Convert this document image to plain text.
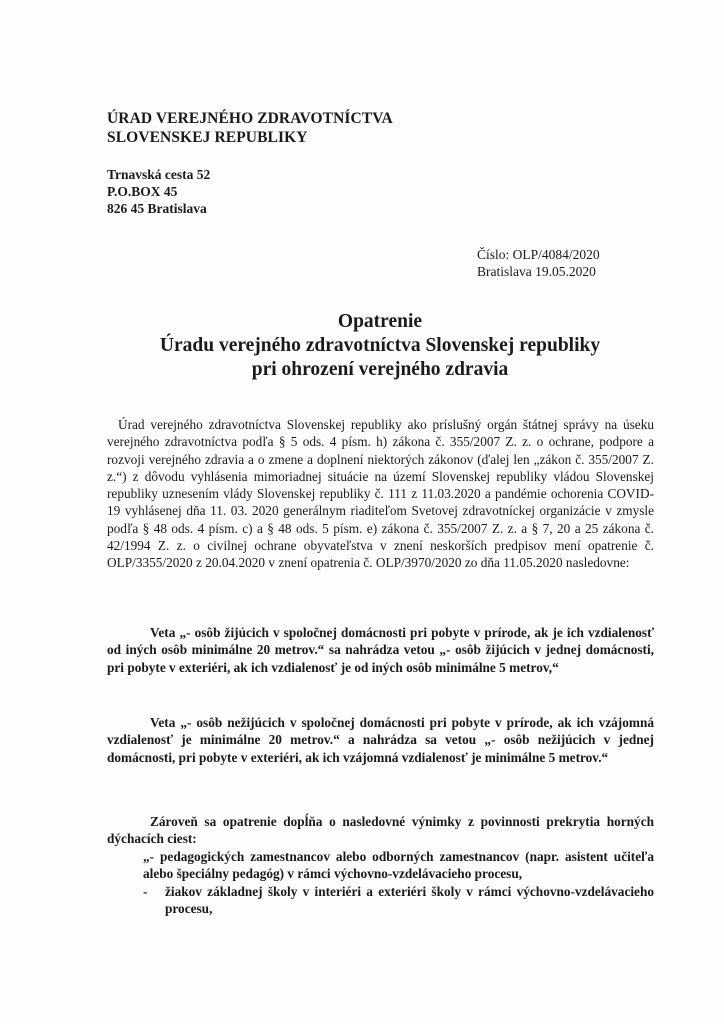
ÚRAD VEREJNÉHO ZDRAVOTNÍCTVA
SLOVENSKEJ REPUBLIKY
Trnavská cesta 52
P.O.BOX 45
826 45 Bratislava
Číslo: OLP/4084/2020
Bratislava 19.05.2020
Opatrenie
Úradu verejného zdravotníctva Slovenskej republiky
pri ohrození verejného zdravia

Úrad verejného zdravotníctva Slovenskej republiky ako príslušný orgán štátnej správy na úseku verejného zdravotníctva podľa § 5 ods. 4 písm. h) zákona č. 355/2007 Z. z. o ochrane, podpore a rozvoji verejného zdravia a o zmene a doplnení niektorých zákonov (ďalej len „zákon č. 355/2007 Z. z.“) z dôvodu vyhlásenia mimoriadnej situácie na území Slovenskej republiky vládou Slovenskej republiky uznesením vlády Slovenskej republiky č. 111 z 11.03.2020 a pandémie ochorenia COVID-19 vyhlásenej dňa 11. 03. 2020 generálnym riaditeľom Svetovej zdravotníckej organizácie v zmysle podľa § 48 ods. 4 písm. c) a § 48 ods. 5 písm. e) zákona č. 355/2007 Z. z. a § 7, 20 a 25 zákona č. 42/1994 Z. z. o civilnej ochrane obyvateľstva v znení neskorších predpisov mení opatrenie č. OLP/3355/2020 z 20.04.2020 v znení opatrenia č. OLP/3970/2020 zo dňa 11.05.2020 nasledovne:

Veta „- osôb žijúcich v spoločnej domácnosti pri pobyte v prírode, ak je ich vzdialenosť od iných osôb minimálne 20 metrov.“ sa nahrádza vetou „- osôb žijúcich v jednej domácnosti, pri pobyte v exteriéri, ak ich vzdialenosť je od iných osôb minimálne 5 metrov,“

Veta „- osôb nežijúcich v spoločnej domácnosti pri pobyte v prírode, ak ich vzájomná vzdialenosť je minimálne 20 metrov.“ a nahrádza sa vetou „- osôb nežijúcich v jednej domácnosti, pri pobyte v exteriéri, ak ich vzájomná vzdialenosť je minimálne 5 metrov.“

Zároveň sa opatrenie dopĺňa o nasledovné výnimky z povinnosti prekrytia horných dýchacích ciest:

„- pedagogických zamestnancov alebo odborných zamestnancov (napr. asistent učiteľa alebo špeciálny pedagóg) v rámci výchovno-vzdelávacieho procesu,
-	žiakov základnej školy v interiéri a exteriéri školy v rámci výchovno-vzdelávacieho procesu,
